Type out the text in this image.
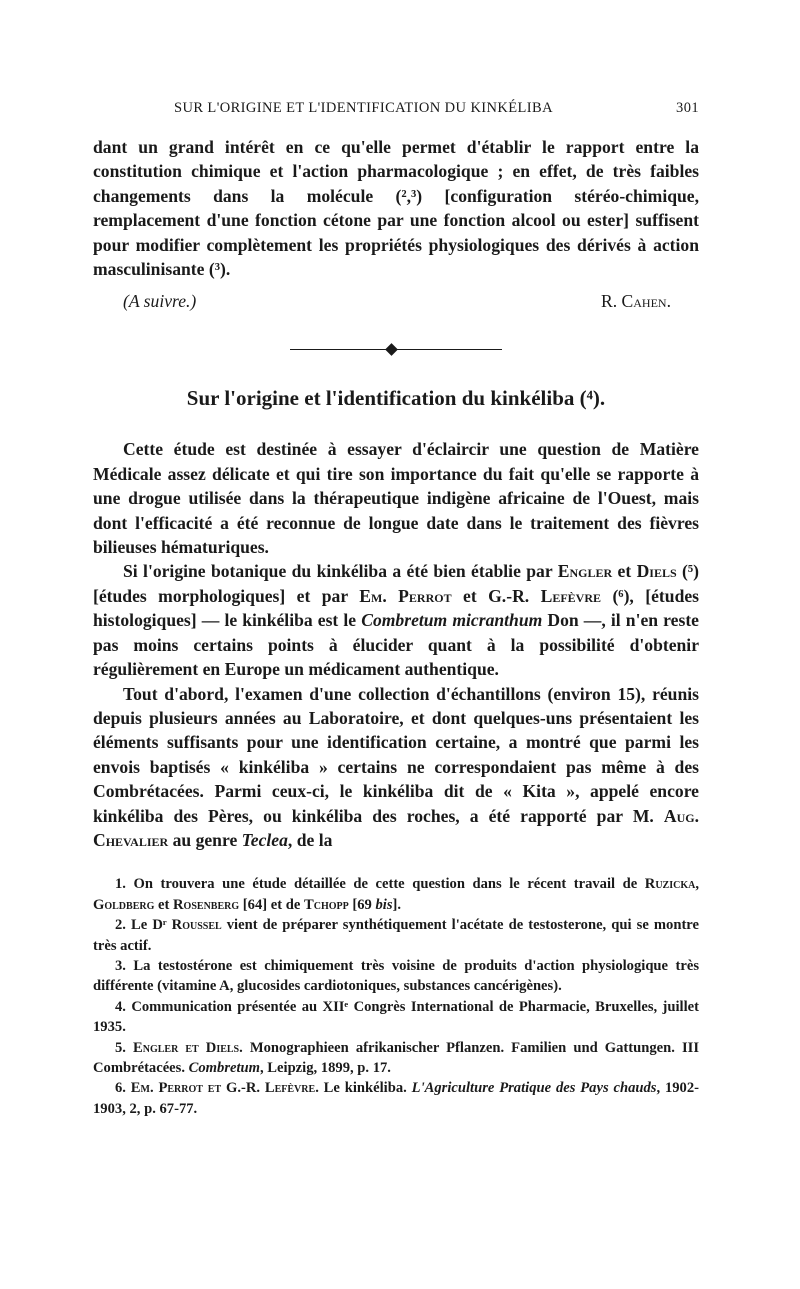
SUR L'ORIGINE ET L'IDENTIFICATION DU KINKÉLIBA	301

dant un grand intérêt en ce qu'elle permet d'établir le rapport entre la constitution chimique et l'action pharmacologique ; en effet, de très faibles changements dans la molécule (²,³) [configuration stéréo-chimique, remplacement d'une fonction cétone par une fonction alcool ou ester] suffisent pour modifier complètement les propriétés physiologiques des dérivés à action masculinisante (³).

(A suivre.)	R. Cahen.
Sur l'origine et l'identification du kinkéliba (⁴).

Cette étude est destinée à essayer d'éclaircir une question de Matière Médicale assez délicate et qui tire son importance du fait qu'elle se rapporte à une drogue utilisée dans la thérapeutique indigène africaine de l'Ouest, mais dont l'efficacité a été reconnue de longue date dans le traitement des fièvres bilieuses hématuriques.

Si l'origine botanique du kinkéliba a été bien établie par Engler et Diels (⁵) [études morphologiques] et par Em. Perrot et G.-R. Lefèvre (⁶), [études histologiques] — le kinkéliba est le Combretum micranthum Don —, il n'en reste pas moins certains points à élucider quant à la possibilité d'obtenir régulièrement en Europe un médicament authentique.

Tout d'abord, l'examen d'une collection d'échantillons (environ 15), réunis depuis plusieurs années au Laboratoire, et dont quelques-uns présentaient les éléments suffisants pour une identification certaine, a montré que parmi les envois baptisés « kinkéliba » certains ne correspondaient pas même à des Combrétacées. Parmi ceux-ci, le kinkéliba dit de « Kita », appelé encore kinkéliba des Pères, ou kinkéliba des roches, a été rapporté par M. Aug. Chevalier au genre Teclea, de la

1. On trouvera une étude détaillée de cette question dans le récent travail de Ruzicka, Goldberg et Rosenberg [64] et de Tchopp [69 bis].

2. Le Dʳ Roussel vient de préparer synthétiquement l'acétate de testosterone, qui se montre très actif.

3. La testostérone est chimiquement très voisine de produits d'action physiologique très différente (vitamine A, glucosides cardiotoniques, substances cancérigènes).

4. Communication présentée au XIIᵉ Congrès International de Pharmacie, Bruxelles, juillet 1935.

5. Engler et Diels. Monographieen afrikanischer Pflanzen. Familien und Gattungen. III Combrétacées. Combretum, Leipzig, 1899, p. 17.

6. Em. Perrot et G.-R. Lefèvre. Le kinkéliba. L'Agriculture Pratique des Pays chauds, 1902-1903, 2, p. 67-77.
